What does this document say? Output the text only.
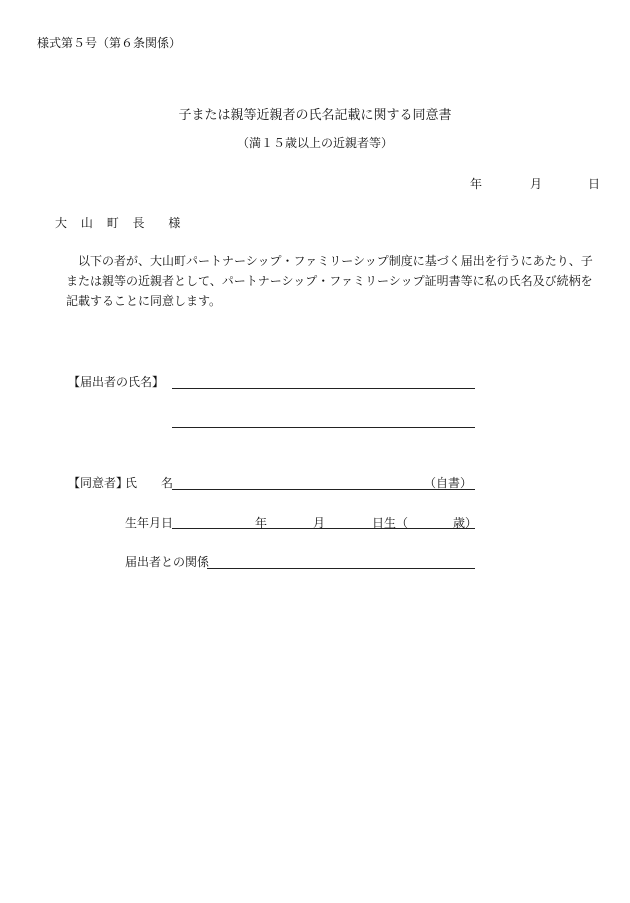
様式第５号（第６条関係）
子または親等近親者の氏名記載に関する同意書
（満１５歳以上の近親者等）
年	月	日
大 山 町 長 様
以下の者が、大山町パートナーシップ・ファミリーシップ制度に基づく届出を行うにあたり、子または親等の近親者として、パートナーシップ・ファミリーシップ証明書等に私の氏名及び続柄を記載することに同意します。
【届出者の氏名】
【同意者】
氏　　名	（自書）
生年月日	年	月	日生（	歳）
届出者との関係
